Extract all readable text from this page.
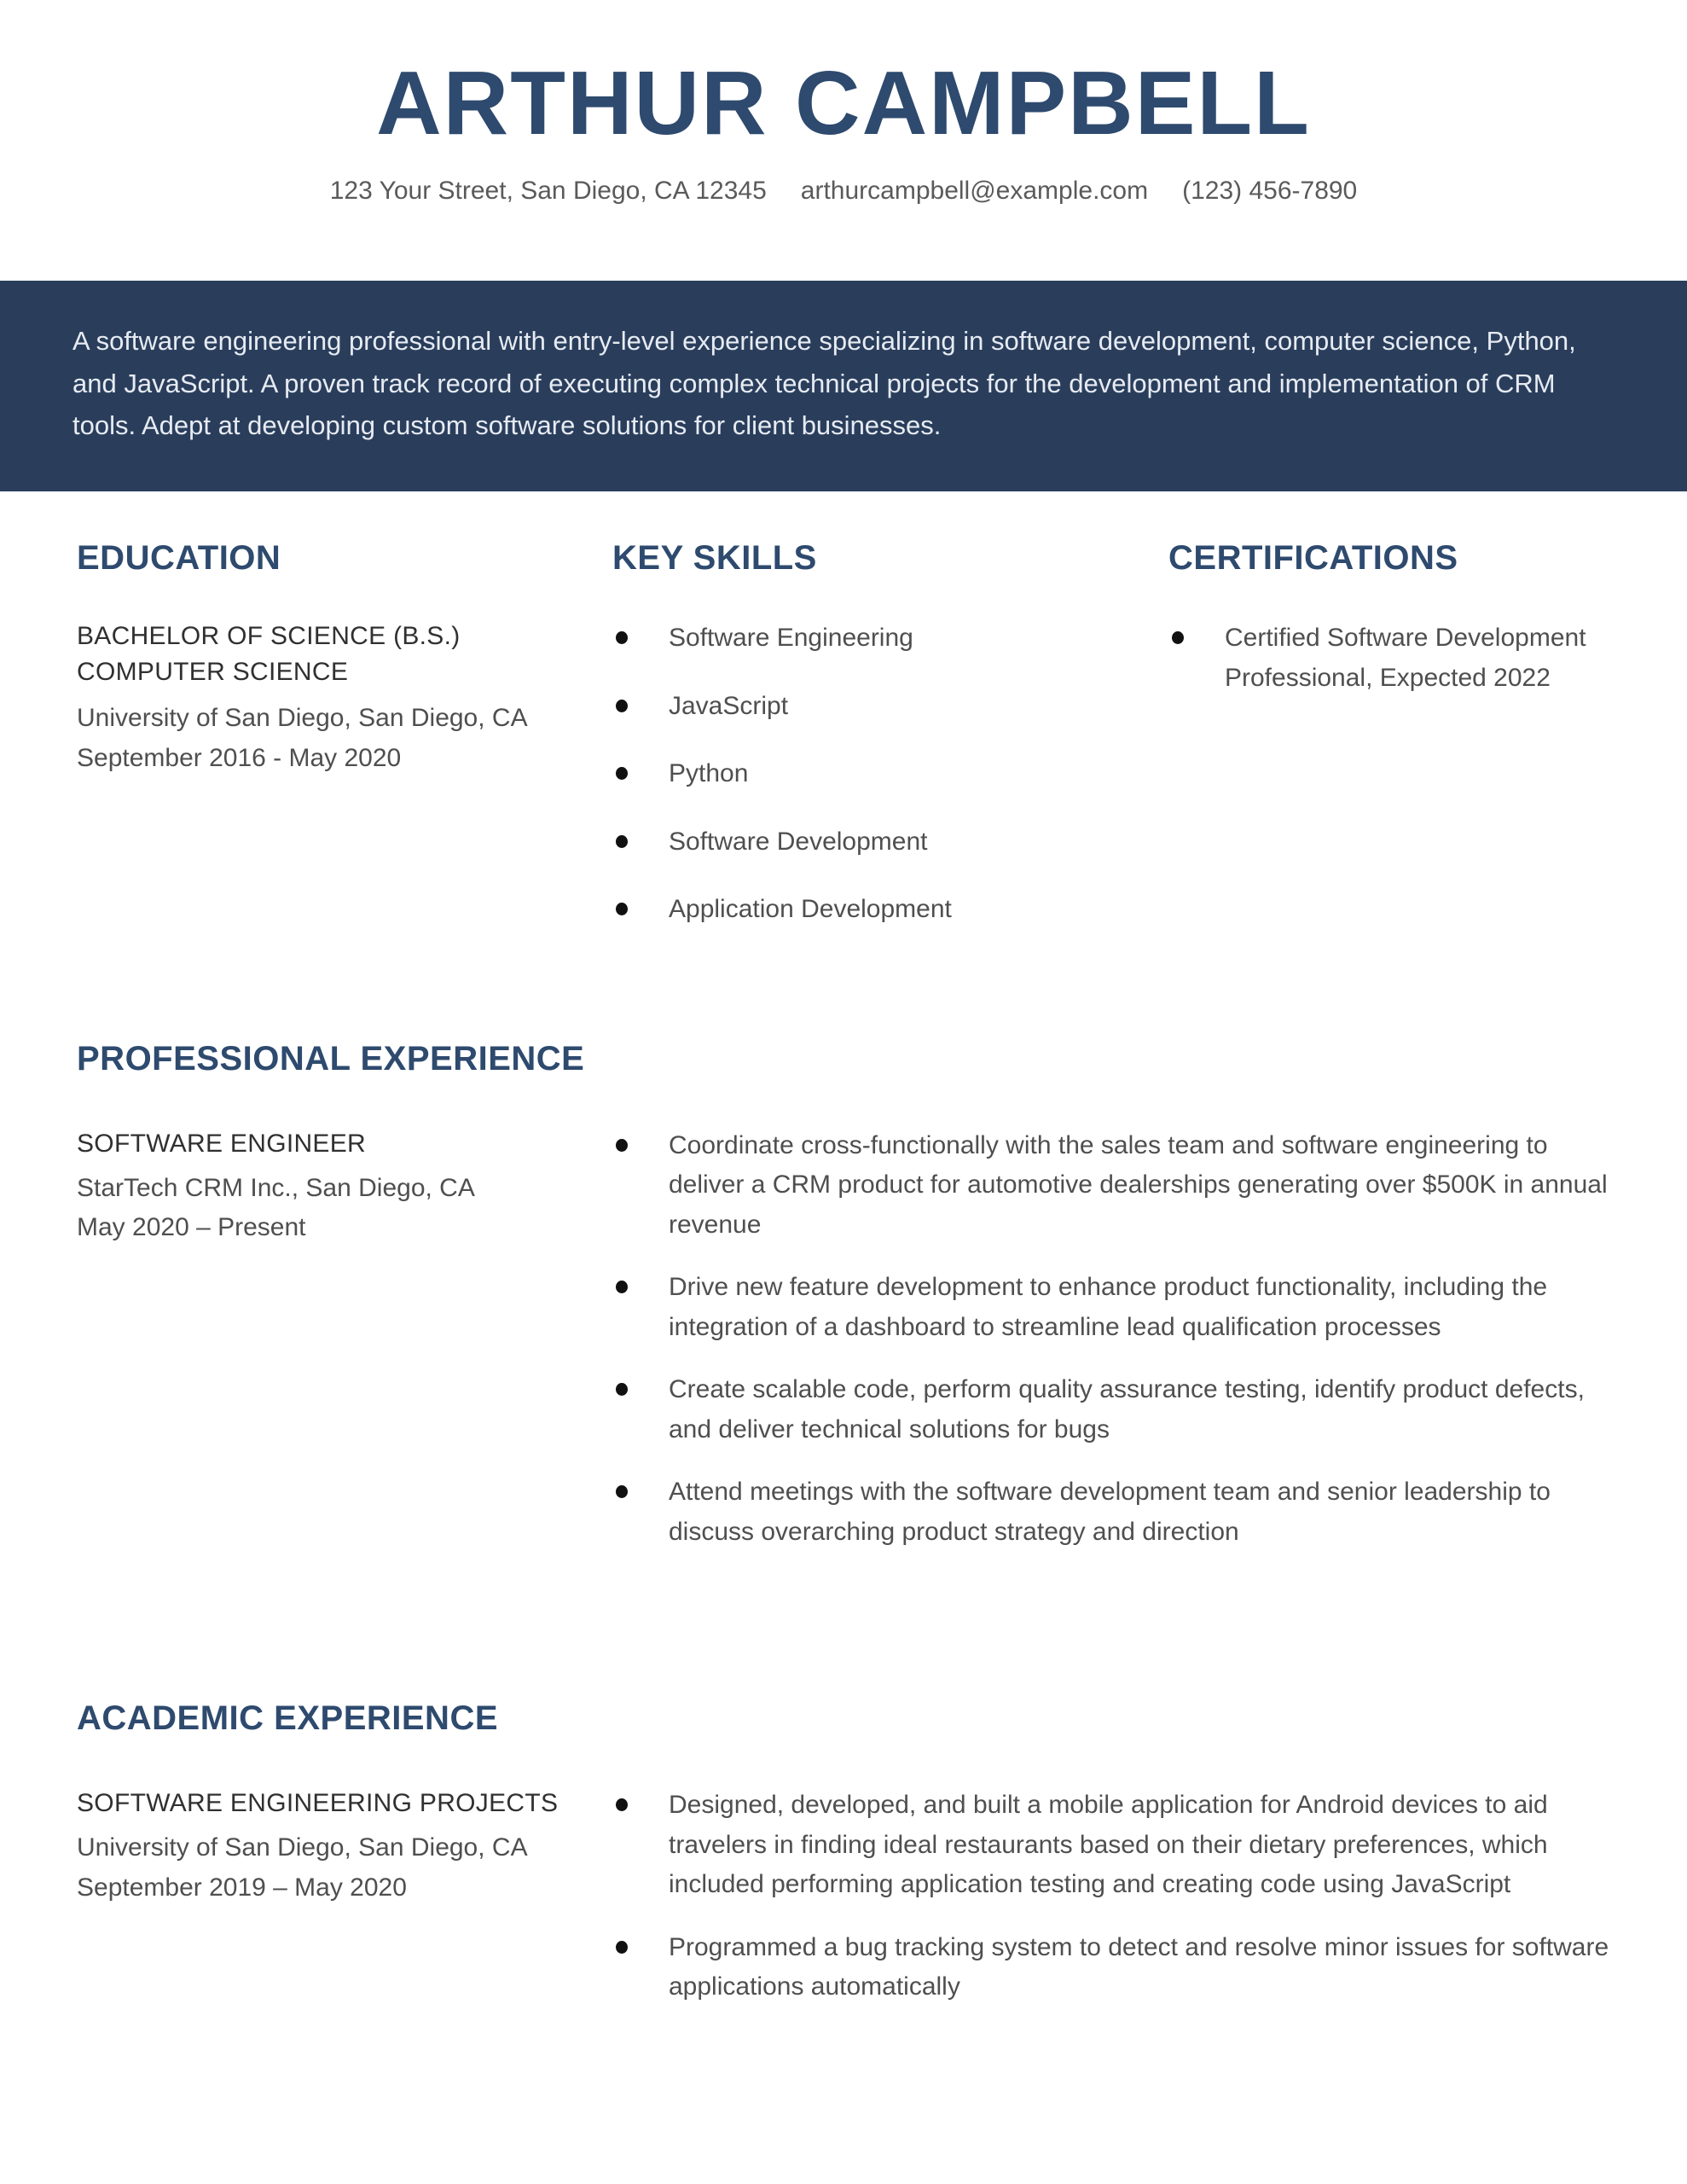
ARTHUR CAMPBELL
123 Your Street, San Diego, CA 12345 arthurcampbell@example.com (123) 456-7890
A software engineering professional with entry-level experience specializing in software development, computer science, Python, and JavaScript. A proven track record of executing complex technical projects for the development and implementation of CRM tools. Adept at developing custom software solutions for client businesses.
EDUCATION
BACHELOR OF SCIENCE (B.S.) COMPUTER SCIENCE
University of San Diego, San Diego, CA
September 2016 - May 2020
KEY SKILLS
Software Engineering
JavaScript
Python
Software Development
Application Development
CERTIFICATIONS
Certified Software Development Professional, Expected 2022
PROFESSIONAL EXPERIENCE
SOFTWARE ENGINEER
StarTech CRM Inc., San Diego, CA
May 2020 – Present
Coordinate cross-functionally with the sales team and software engineering to deliver a CRM product for automotive dealerships generating over $500K in annual revenue
Drive new feature development to enhance product functionality, including the integration of a dashboard to streamline lead qualification processes
Create scalable code, perform quality assurance testing, identify product defects, and deliver technical solutions for bugs
Attend meetings with the software development team and senior leadership to discuss overarching product strategy and direction
ACADEMIC EXPERIENCE
SOFTWARE ENGINEERING PROJECTS
University of San Diego, San Diego, CA
September 2019 – May 2020
Designed, developed, and built a mobile application for Android devices to aid travelers in finding ideal restaurants based on their dietary preferences, which included performing application testing and creating code using JavaScript
Programmed a bug tracking system to detect and resolve minor issues for software applications automatically
